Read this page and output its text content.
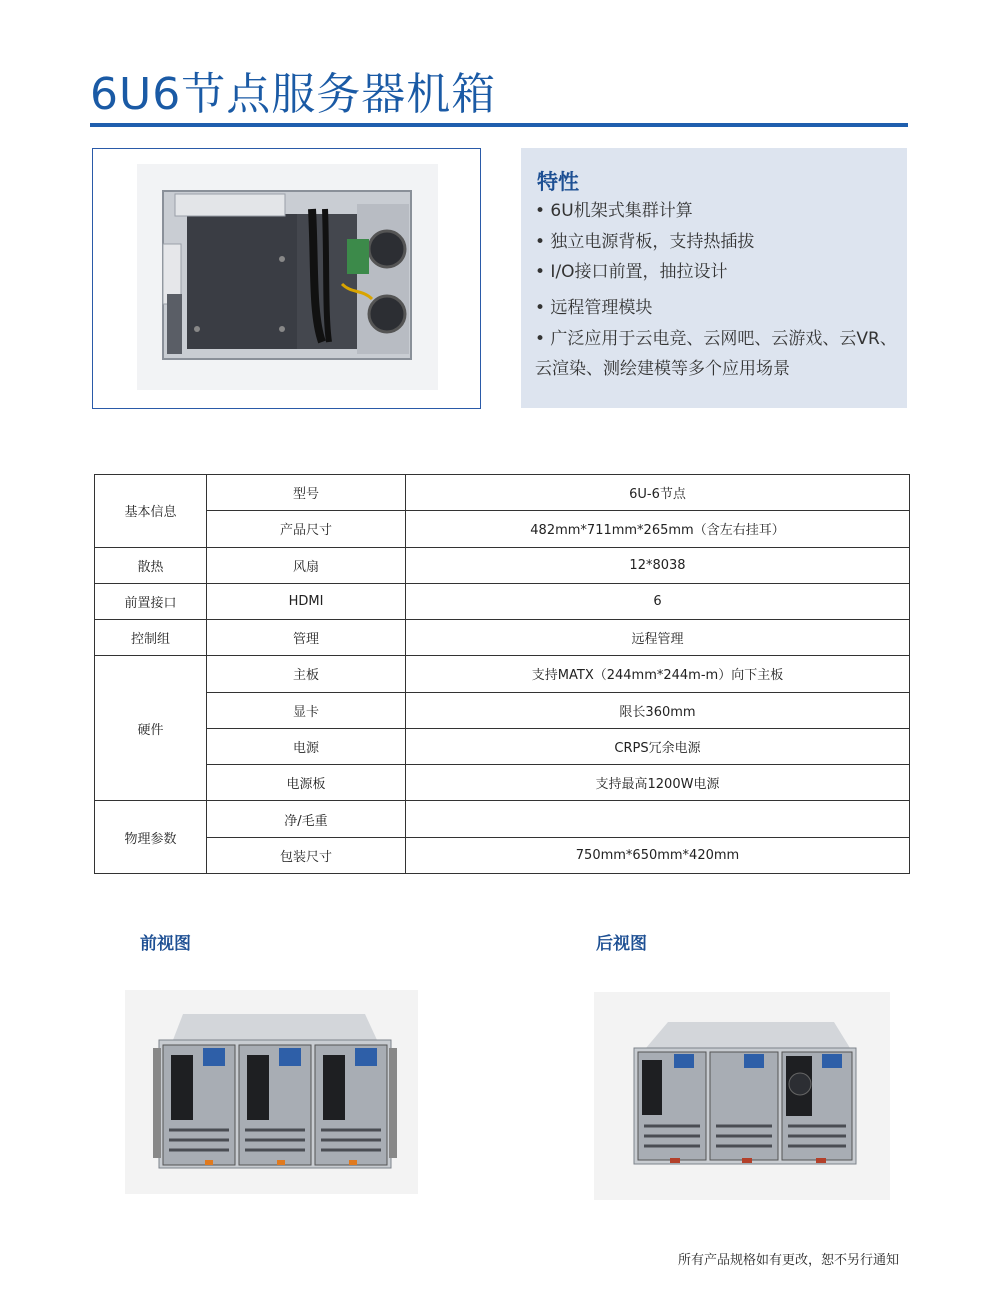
6U6节点服务器机箱
特性
• 6U机架式集群计算
• 独立电源背板，支持热插拔
• I/O接口前置，抽拉设计
• 远程管理模块
• 广泛应用于云电竞、云网吧、云游戏、云VR、
云渲染、测绘建模等多个应用场景
基本信息	型号	6U-6节点
	产品尺寸	482mm*711mm*265mm（含左右挂耳）
散热	风扇	12*8038
前置接口	HDMI	6
控制组	管理	远程管理
硬件	主板	支持MATX（244mm*244m-m）向下主板
	显卡	限长360mm
	电源	CRPS冗余电源
	电源板	支持最高1200W电源
物理参数	净/毛重	
	包装尺寸	750mm*650mm*420mm
前视图	后视图
所有产品规格如有更改，恕不另行通知
